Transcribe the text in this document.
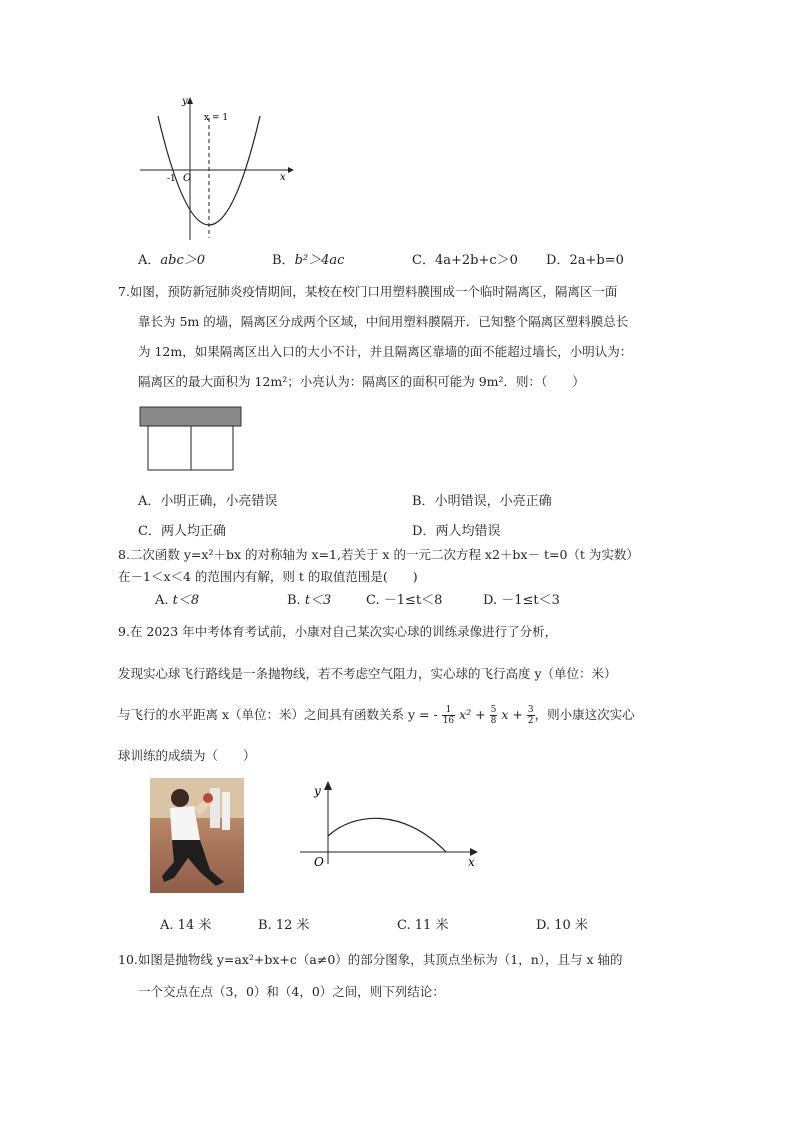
y
x
O
-1
x = 1
A．abc＞0	B．b²＞4ac	C．4a+2b+c＞0 D．2a+b=0
7.如图，预防新冠肺炎疫情期间，某校在校门口用塑料膜围成一个临时隔离区，隔离区一面
靠长为 5m 的墙，隔离区分成两个区域，中间用塑料膜隔开．已知整个隔离区塑料膜总长
为 12m，如果隔离区出入口的大小不计，并且隔离区靠墙的面不能超过墙长，小明认为：
隔离区的最大面积为 12m²；小亮认为：隔离区的面积可能为 9m²．则：（　　）
A．小明正确，小亮错误	B．小明错误，小亮正确
C．两人均正确	D．两人均错误
8.二次函数 y=x²＋bx 的对称轴为 x=1,若关于 x 的一元二次方程 x2＋bx－ t=0（t 为实数）
在－1＜x＜4 的范围内有解，则 t 的取值范围是(　　)
A. t＜8	B. t＜3	C. －1≤t＜8	D. －1≤t＜3
9.在 2023 年中考体育考试前，小康对自己某次实心球的训练录像进行了分析，
发现实心球飞行路线是一条抛物线，若不考虑空气阻力，实心球的飞行高度 y（单位：米）
与飞行的水平距离 x（单位：米）之间具有函数关系 y = - $\frac{1}{16} x^2 + \frac{5}{8}$ $x + \frac{3}{2}$ ，则小康这次实心
球训练的成绩为（　　）
y
x
O
A. 14 米	B. 12 米	C. 11 米	D. 10 米
10.如图是抛物线 y=ax²+bx+c（a≠0）的部分图象，其顶点坐标为（1，n），且与 x 轴的
一个交点在点（3，0）和（4，0）之间，则下列结论：
